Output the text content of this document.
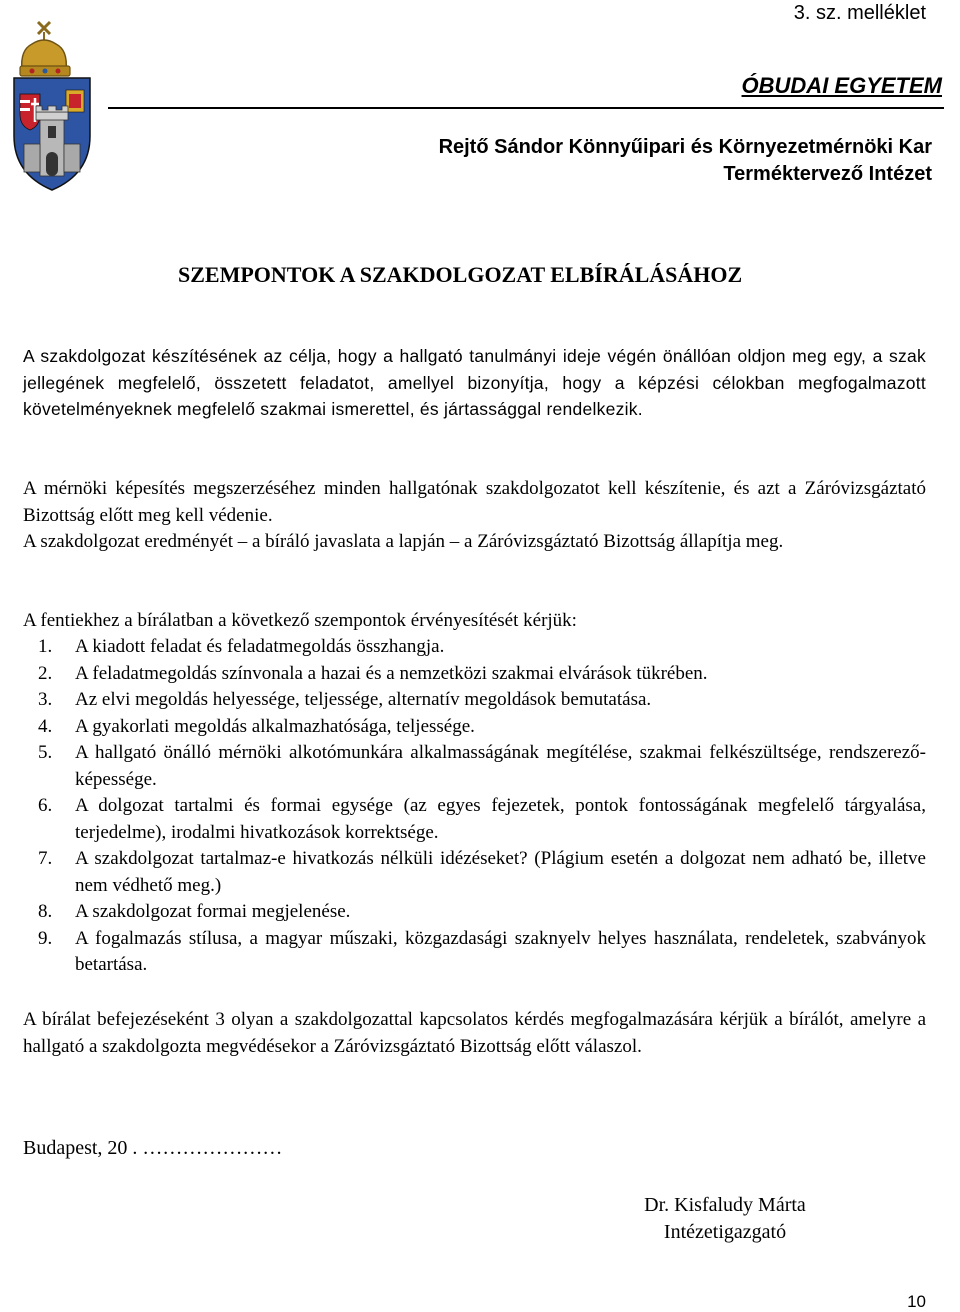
3. sz. melléklet
ÓBUDAI EGYETEM
Rejtő Sándor Könnyűipari és Környezetmérnöki Kar
Terméktervező Intézet
SZEMPONTOK A SZAKDOLGOZAT ELBÍRÁLÁSÁHOZ
A szakdolgozat készítésének az célja, hogy a hallgató tanulmányi ideje végén önállóan oldjon meg egy, a szak jellegének megfelelő, összetett feladatot, amellyel bizonyítja, hogy a képzési célokban megfogalmazott követelményeknek megfelelő szakmai ismerettel, és jártassággal rendelkezik.
A mérnöki képesítés megszerzéséhez minden hallgatónak szakdolgozatot kell készítenie, és azt a Záróvizsgáztató Bizottság előtt meg kell védenie.
A szakdolgozat eredményét – a bíráló javaslata a lapján – a Záróvizsgáztató Bizottság állapítja meg.
A fentiekhez a bírálatban a következő szempontok érvényesítését kérjük:
1.	A kiadott feladat és feladatmegoldás összhangja.
2.	A feladatmegoldás színvonala a hazai és a nemzetközi szakmai elvárások tükrében.
3.	Az elvi megoldás helyessége, teljessége, alternatív megoldások bemutatása.
4.	A gyakorlati megoldás alkalmazhatósága, teljessége.
5.	A hallgató önálló mérnöki alkotómunkára alkalmasságának megítélése, szakmai felkészültsége, rendszerező-képessége.
6.	A dolgozat tartalmi és formai egysége (az egyes fejezetek, pontok fontosságának megfelelő tárgyalása, terjedelme), irodalmi hivatkozások korrektsége.
7.	A szakdolgozat tartalmaz-e hivatkozás nélküli idézéseket? (Plágium esetén a dolgozat nem adható be, illetve nem védhető meg.)
8.	A szakdolgozat formai megjelenése.
9.	A fogalmazás stílusa, a magyar műszaki, közgazdasági szaknyelv helyes használata, rendeletek, szabványok betartása.
A bírálat befejezéseként 3 olyan a szakdolgozattal kapcsolatos kérdés megfogalmazására kérjük a bírálót, amelyre a hallgató a szakdolgozta megvédésekor a Záróvizsgáztató Bizottság előtt válaszol.
Budapest, 20 . …………………
Dr. Kisfaludy Márta
Intézetigazgató
10
